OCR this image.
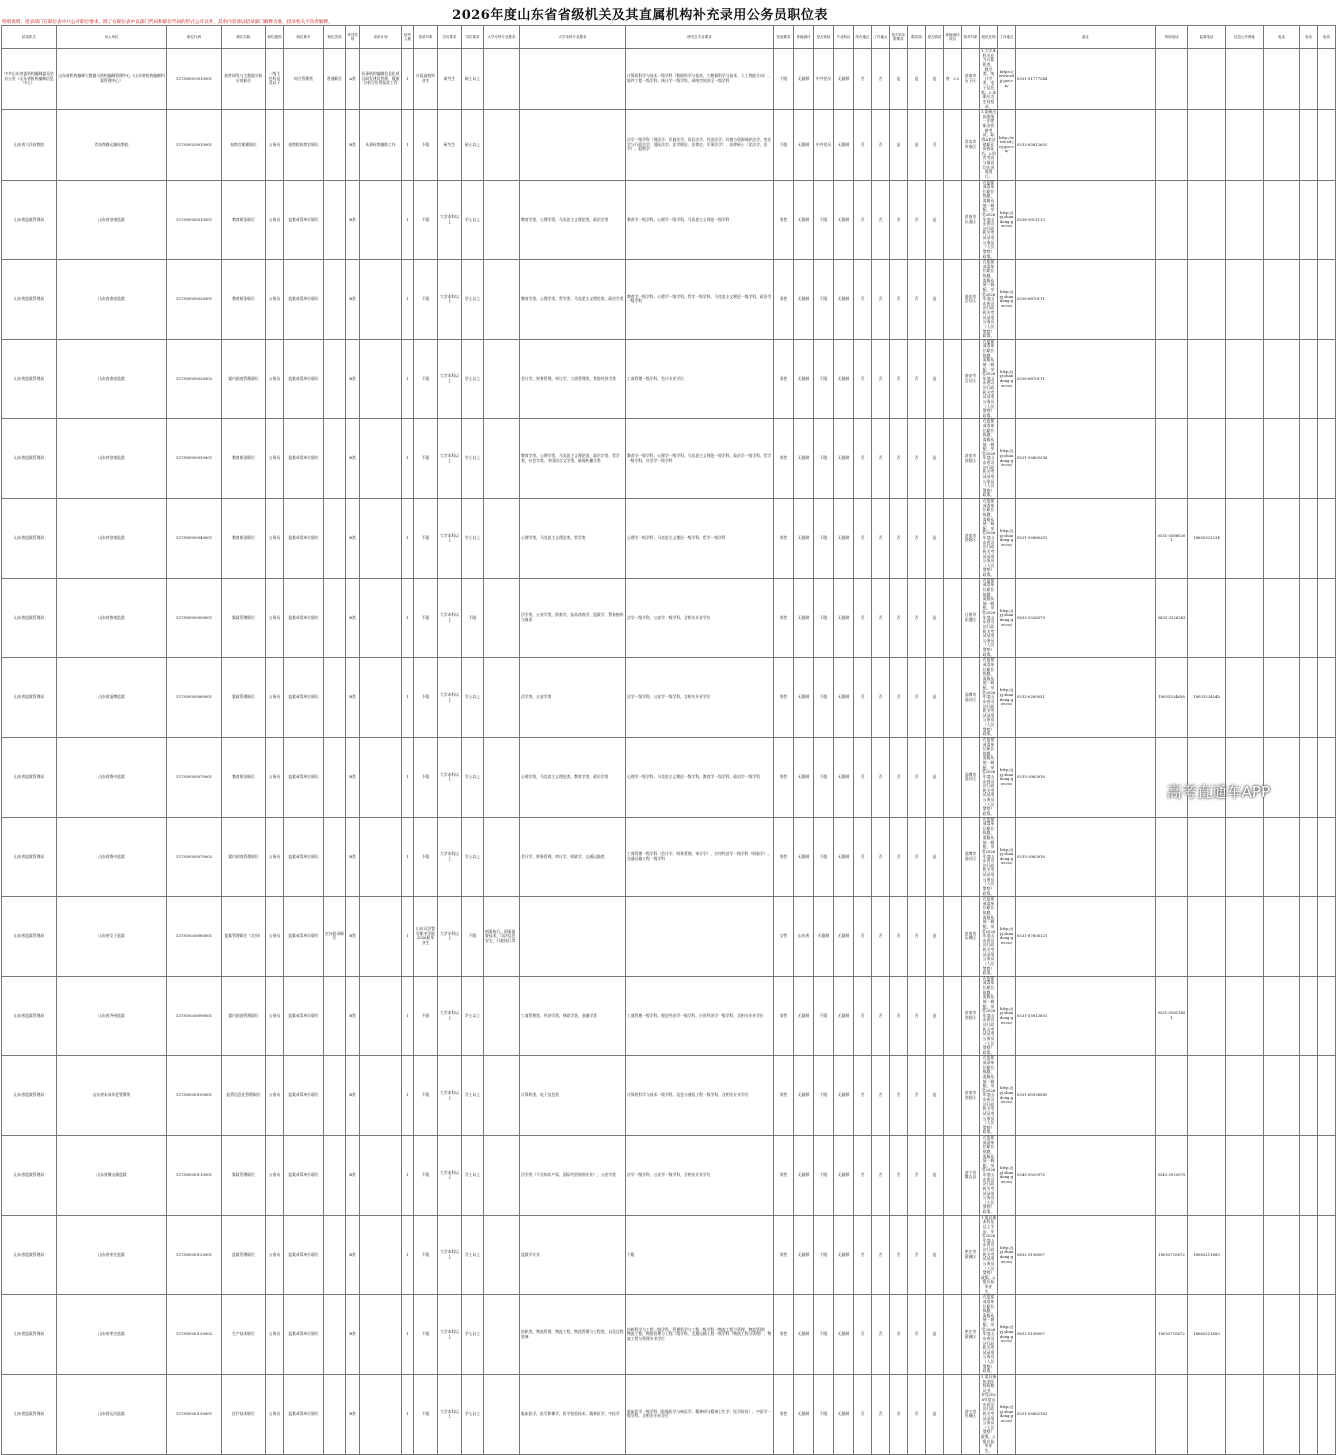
2026年度山东省省级机关及其直属机构补充录用公务员职位表
特别说明：招录部门在职位表中只公开职位要求，除了在职位表中以部门代码和职位代码的形式公开以外，其余内容请以招录部门解释为准，招录机关不负责解释。
招录机关	用人单位	职位代码	职位名称	职位级别	职位简介	职位类别	考试类别	录用计划	招考人数	招录对象	学历要求	学位要求	大学专科专业要求	大学本科专业要求	研究生专业要求	其他要求	体能测评	是否体检	专业科目	所在地区	工作地点	是否有年龄要求	限应届	是否面试	体能测评项目	招考对象	面试比例	工作地点	备注	咨询电话	监督电话	信息公开网址	电话	电话	电话
中共山东省委机构编制委员会办公室（山东省机构编制信息中心）	山东省机构编制大数据与机构编制管理中心（山东省机构编制档案管理中心）	137300010010001	软件研发与大数据分析应用职位	一级主任科员及以下	综合管理类	普通职位	A类	从事机构编制信息化项目研发建设管理、数据分析与应用技术工作	1	应届高校毕业生	研究生	硕士以上			计算机科学与技术一级学科（数据科学与技术、大数据科学与技术、人工智能方向）、软件工程一级学科、统计学一级学科，网络空间安全一级学科	不限	无限制	中共党员	无限制	否	否	是	是	是	省：2:1	济南市历下区	1.大学本科专业为计算机类、数学类、统计学类、电子信息类。2.本职位为定向招录。	https://www.sdjj.gov.cn/	0531-51777344						
山东省人民检察院	青岛铁路运输检察院	137300020010001	检察官助理职位	公务员	检察院检察官职位		B类	从事检察辅助工作	1	不限	研究生	硕士以上			法学一级学科（刑法学、民商法学、诉讼法学、经济法学、环境与资源保护法学、宪法学与行政法学、国际法学、法学理论、法律史、军事法学）、法律硕士（非法学、法学）、监察学	不限	无限制	中共党员	无限制	否	否	是	是	否		青岛市市南区	1.需通过国家统一法律职业资格考试，取得A类法律职业资格证书。2.所有考试与面试均在济南进行。	http://www.sd.jcy.gov.cn/	0532-83812602						
山东省监狱管理局	山东省济南监狱	137300030010001	教育矫治职位	公务员	监狱戒毒单位职位		B类		1	不限	大学本科以上	学士以上		教育学类，心理学类，马克思主义理论类，政治学类	教育学一级学科，心理学一级学科，马克思主义理论一级学科	男性	无限制	不限	无限制	否	否	否	否	是		济南市长清区	在监狱戒毒单位职位执勤，需服从统一调配，享受2026年度山东省司法行政机关考试录用公务员（人民警察）政策。	http://jyj.shandong.gov.cn/	0536-3911113						
山东省监狱管理局	山东省泰安监狱	137300030020001	教育矫治职位	公务员	监狱戒毒单位职位		B类		1	不限	大学本科以上	学士以上		教育学类，心理学类，哲学类，马克思主义理论类，政治学类	教育学一级学科，心理学一级学科，哲学一级学科，马克思主义理论一级学科，政治学一级学科	男性	无限制	不限	无限制	否	否	否	否	是		泰安市岱岳区	在监狱戒毒单位职位执勤，需服从统一调配，享受2026年度山东省司法行政机关考试录用公务员（人民警察）政策。	http://jyj.shandong.gov.cn/	0538-6870111						
山东省监狱管理局	山东省泰安监狱	137300030020002	狱内侦查管理职位	公务员	监狱戒毒单位职位		B类		1	不限	大学本科以上	学士以上		会计学，财务管理，审计学，工商管理类，其他经济学类	工商管理一级学科，会计专业学位	男性	无限制	不限	无限制	否	否	否	否	是		泰安市岱岳区	在监狱戒毒单位职位执勤，需服从统一调配，享受2026年度山东省司法行政机关考试录用公务员（人民警察）政策。	http://jyj.shandong.gov.cn/	0538-6870111						
山东省监狱管理局	山东省济南监狱	137300030030001	教育矫治职位	公务员	监狱戒毒单位职位		B类		1	不限	大学本科以上	学士以上		教育学类，心理学类，马克思主义理论类，政治学类，哲学类，社会学类，中国语言文学类，新闻传播学类	教育学一级学科，心理学一级学科，马克思主义理论一级学科，政治学一级学科，哲学一级学科，社会学一级学科	男性	无限制	不限	无限制	否	否	否	否	是		济南市济阳区	在监狱戒毒单位职位执勤，需服从统一调配，享受2026年度山东省司法行政机关考试录用公务员（人民警察）政策。	http://jyj.shandong.gov.cn/	0531-55803336						
山东省监狱管理局	山东省济南监狱	137300030040001	教育矫治职位	公务员	监狱戒毒单位职位		B类		1	不限	大学本科以上	学士以上		心理学类，马克思主义理论类，哲学类	心理学一级学科，马克思主义理论一级学科，哲学一级学科	男性	无限制	不限	无限制	否	否	否	否	是		济南市济阳区	在监狱戒毒单位职位执勤，需服从统一调配，享受2026年度山东省司法行政机关考试录用公务员（人民警察）政策。	http://jyj.shandong.gov.cn/	0531-55860201	0531-55860201	18605321234				
山东省监狱管理局	山东省鲁南监狱	137300030050001	狱政管理职位	公务员	监狱戒毒单位职位		B类		1	不限	大学本科以上	不限		法学类，公安学类，侦查学，技术侦查学，监狱学，警务指挥与战术	法学一级学科，公安学一级学科，含相关专业学位	男性	无限制	不限	无限制	否	否	否	否	是		日照市东港区	在监狱戒毒单位职位执勤，需服从统一调配，享受2026年度山东省司法行政机关考试录用公务员（人民警察）政策。	http://jyj.shandong.gov.cn/	0633-3326379	0633-3326383					
山东省监狱管理局	山东省淄博监狱	137300030060001	狱政管理职位	公务员	监狱戒毒单位职位		B类		1	不限	大学本科以上	学士以上		法学类，公安学类	法学一级学科，公安学一级学科，含相关专业学位	男性	无限制	不限	无限制	否	否	否	否	是		淄博市淄川区	在监狱戒毒单位职位执勤，需服从统一调配，享受2026年度山东省司法行政机关考试录用公务员（人民警察）政策。	http://jyj.shandong.gov.cn/	0533-6260051	18053324658	18053324548				
山东省监狱管理局	山东省鲁中监狱	137300030070001	教育矫治职位	公务员	监狱戒毒单位职位		B类		1	不限	大学本科以上	学士以上		心理学类，马克思主义理论类，教育学类，政治学类	心理学一级学科，马克思主义理论一级学科，教育学一级学科，政治学一级学科	男性	无限制	不限	无限制	否	否	否	否	是		淄博市淄川区	在监狱戒毒单位职位执勤，需服从统一调配，享受2026年度山东省司法行政机关考试录用公务员（人民警察）政策。	http://jyj.shandong.gov.cn/	0533-2962816						
山东省监狱管理局	山东省鲁中监狱	137300030070002	狱内侦查管理职位	公务员	监狱戒毒单位职位		B类		1	不限	大学本科以上	学士以上		会计学，财务管理，审计学，财政学，交通运输类	工商管理一级学科（会计学、财务管理、审计学），应用经济学一级学科（财政学），交通运输工程一级学科	男性	无限制	不限	无限制	否	否	否	否	是		淄博市淄川区	在监狱戒毒单位职位执勤，需服从统一调配，享受2026年度山东省司法行政机关考试录用公务员（人民警察）政策。	http://jyj.shandong.gov.cn/	0533-2962816						
山东省监狱管理局	山东省女子监狱	137300030080001	监狱管理职位（定向）	公务员	监狱戒毒单位职位	定向招录职位	B类		1	山东司法警官职业学院2026届毕业生	大学专科以上	不限	刑事执行，刑事侦查技术，司法信息安全，行政执行等			女性	山东省	无限制	无限制	否	否	否	否	是		济南市历城区	在监狱戒毒单位职位执勤，需服从统一调配，享受2026年度山东省司法行政机关考试录用公务员（人民警察）政策。	http://jyj.shandong.gov.cn/	0531-87856121						
山东省监狱管理局	山东省齐州监狱	137300030090001	狱内侦查管理职位	公务员	监狱戒毒单位职位		B类		1	不限	大学本科以上	学士以上		工商管理类，经济学类，财政学类，金融学类	工商管理一级学科，理论经济学一级学科，应用经济学一级学科，含相关专业学位	男性	无限制	不限	无限制	否	否	否	否	是		济南市济阳区	在监狱戒毒单位职位执勤，需服从统一调配，享受2026年度山东省司法行政机关考试录用公务员（人民警察）政策。	http://jyj.shandong.gov.cn/	0531-55813651	0531-55813651					
山东省监狱管理局	山东省未成年犯管教所	137300030100001	监管信息化管理职位	公务员	监狱戒毒单位职位		B类		1	不限	大学本科以上	学士以上		计算机类，电子信息类	计算机科学与技术一级学科，信息与通信工程一级学科，含相关专业学位	男性	无限制	不限	无限制	否	否	否	否	是		济南市济阳区	在监狱戒毒单位职位执勤，需服从统一调配，享受2026年度山东省司法行政机关考试录用公务员（人民警察）政策。	http://jyj.shandong.gov.cn/	0531-69938080						
山东省监狱管理局	山东省微山湖监狱	137300030110001	狱政管理职位	公务员	监狱戒毒单位职位		B类		1	不限	大学本科以上	学士以上		法学类（不含知识产权、国际经贸规则专业），公安学类	法学一级学科，公安学一级学科，含相关专业学位	男性	无限制	不限	无限制	否	否	否	否	是		济宁市微山县	在监狱戒毒单位职位执勤，需服从统一调配，享受2026年度山东省司法行政机关考试录用公务员（人民警察）政策。	http://jyj.shandong.gov.cn/	0543-3925975	0543-3925975					
山东省监狱管理局	山东省枣庄监狱	137300030120001	监狱管理职位	公务员	监狱戒毒单位职位		B类		1	不限	大学本科以上	学士以上		监狱学专业	不限	男性	无限制	不限	无限制	否	否	否	否	是		枣庄市薛城区	1.需具备本科及以上学历，享受2026年度山东省司法行政机关考试录用公务员（人民警察）政策。2.限应届毕业生。	http://jyj.shandong.gov.cn/	0632-5158007	18053710672	18063211683				
山东省监狱管理局	山东省枣庄监狱	137300030120002	生产技术职位	公务员	监狱戒毒单位职位		B类		1	不限	大学本科以上	学士以上		纺织类，物流管理，物流工程，物流管理与工程类，以及过程装备	纺织科学与工程一级学科，管理科学与工程一级学科（物流工程与管理、物流管理），物流工程，物流管理与工程二级学科，交通运输工程一级学科（物流工程与管理），物流工程与管理专业学位	男性	无限制	不限	无限制	否	否	否	否	是		枣庄市薛城区	在监狱戒毒单位职位执勤，需服从统一调配，享受2026年度山东省司法行政机关考试录用公务员（人民警察）政策。	http://jyj.shandong.gov.cn/	0632-5158007	18053710672	18063211683				
山东省监狱管理局	山东省运河监狱	137300030130001	医疗技术职位	公务员	监狱戒毒单位职位		B类		1	不限	大学本科以上	学士以上		临床医学，医学影像学，医学检验技术，精神医学，中医学	临床医学一级学科（影像医学与核医学、精神病与精神卫生学、医学检验），中医学一级学科，含相关专业学位	男性	无限制	不限	无限制	否	否	否	否	是		济宁市任城区	1.需具备执业医师资格证书，享受2026年度山东省司法行政机关考试录用公务员（人民警察）政策。2.限应届毕业生。	http://jyj.shandong.gov.cn/	0531-55802182						
高考直通车APP
